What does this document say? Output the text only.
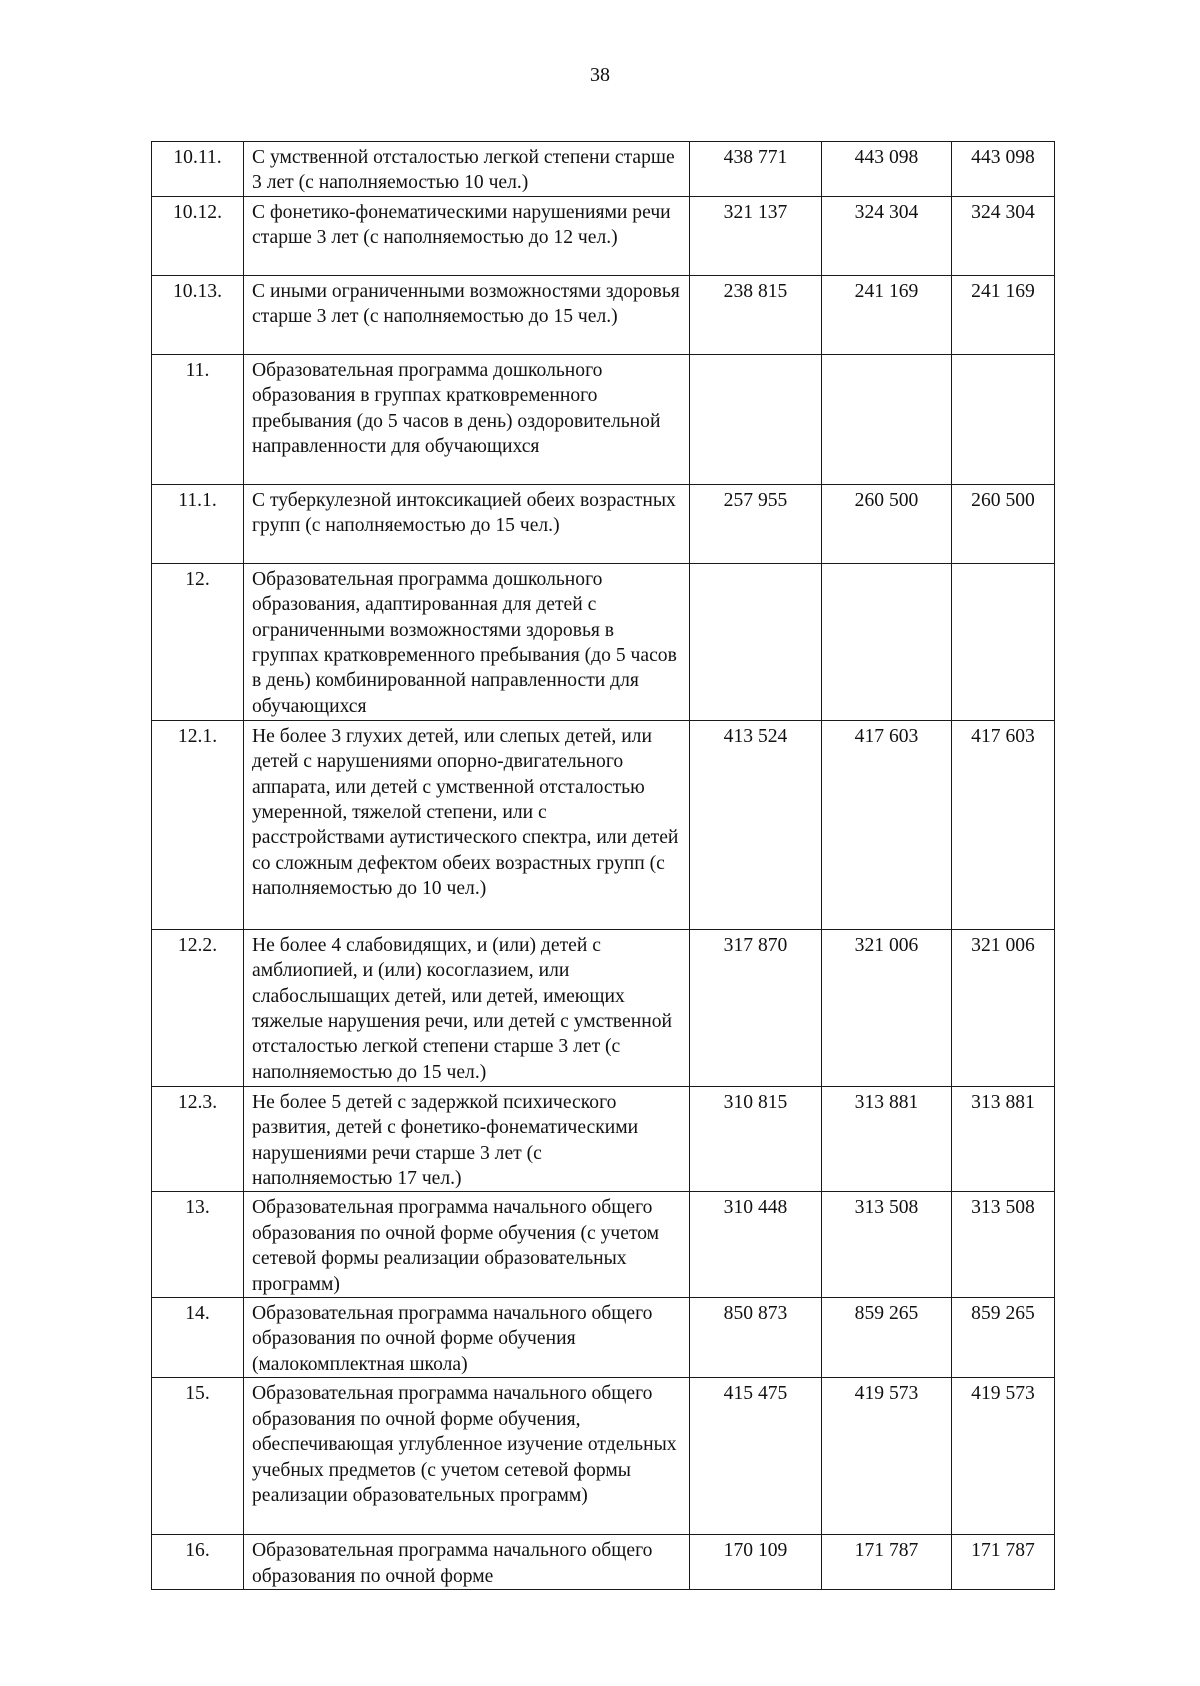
38
10.11.	С умственной отсталостью легкой степени старше 3 лет (с наполняемостью 10 чел.)	438 771	443 098	443 098
10.12.	С фонетико-фонематическими нарушениями речи старше 3 лет (с наполняемостью до 12 чел.)	321 137	324 304	324 304
10.13.	С иными ограниченными возможностями здоровья старше 3 лет (с наполняемостью до 15 чел.)	238 815	241 169	241 169
11.	Образовательная программа дошкольного образования в группах кратковременного пребывания (до 5 часов в день) оздоровительной направленности для обучающихся			
11.1.	С туберкулезной интоксикацией обеих возрастных групп (с наполняемостью до 15 чел.)	257 955	260 500	260 500
12.	Образовательная программа дошкольного образования, адаптированная для детей с ограниченными возможностями здоровья в группах кратковременного пребывания (до 5 часов в день) комбинированной направленности для обучающихся			
12.1.	Не более 3 глухих детей, или слепых детей, или детей с нарушениями опорно-двигательного аппарата, или детей с умственной отсталостью умеренной, тяжелой степени, или с расстройствами аутистического спектра, или детей со сложным дефектом обеих возрастных групп (с наполняемостью до 10 чел.)	413 524	417 603	417 603
12.2.	Не более 4 слабовидящих, и (или) детей с амблиопией, и (или) косоглазием, или слабослышащих детей, или детей, имеющих тяжелые нарушения речи, или детей с умственной отсталостью легкой степени старше 3 лет (с наполняемостью до 15 чел.)	317 870	321 006	321 006
12.3.	Не более 5 детей с задержкой психического развития, детей с фонетико-фонематическими нарушениями речи старше 3 лет (с наполняемостью 17 чел.)	310 815	313 881	313 881
13.	Образовательная программа начального общего образования по очной форме обучения (с учетом сетевой формы реализации образовательных программ)	310 448	313 508	313 508
14.	Образовательная программа начального общего образования по очной форме обучения (малокомплектная школа)	850 873	859 265	859 265
15.	Образовательная программа начального общего образования по очной форме обучения, обеспечивающая углубленное изучение отдельных учебных предметов (с учетом сетевой формы реализации образовательных программ)	415 475	419 573	419 573
16.	Образовательная программа начального общего образования по очной форме	170 109	171 787	171 787
